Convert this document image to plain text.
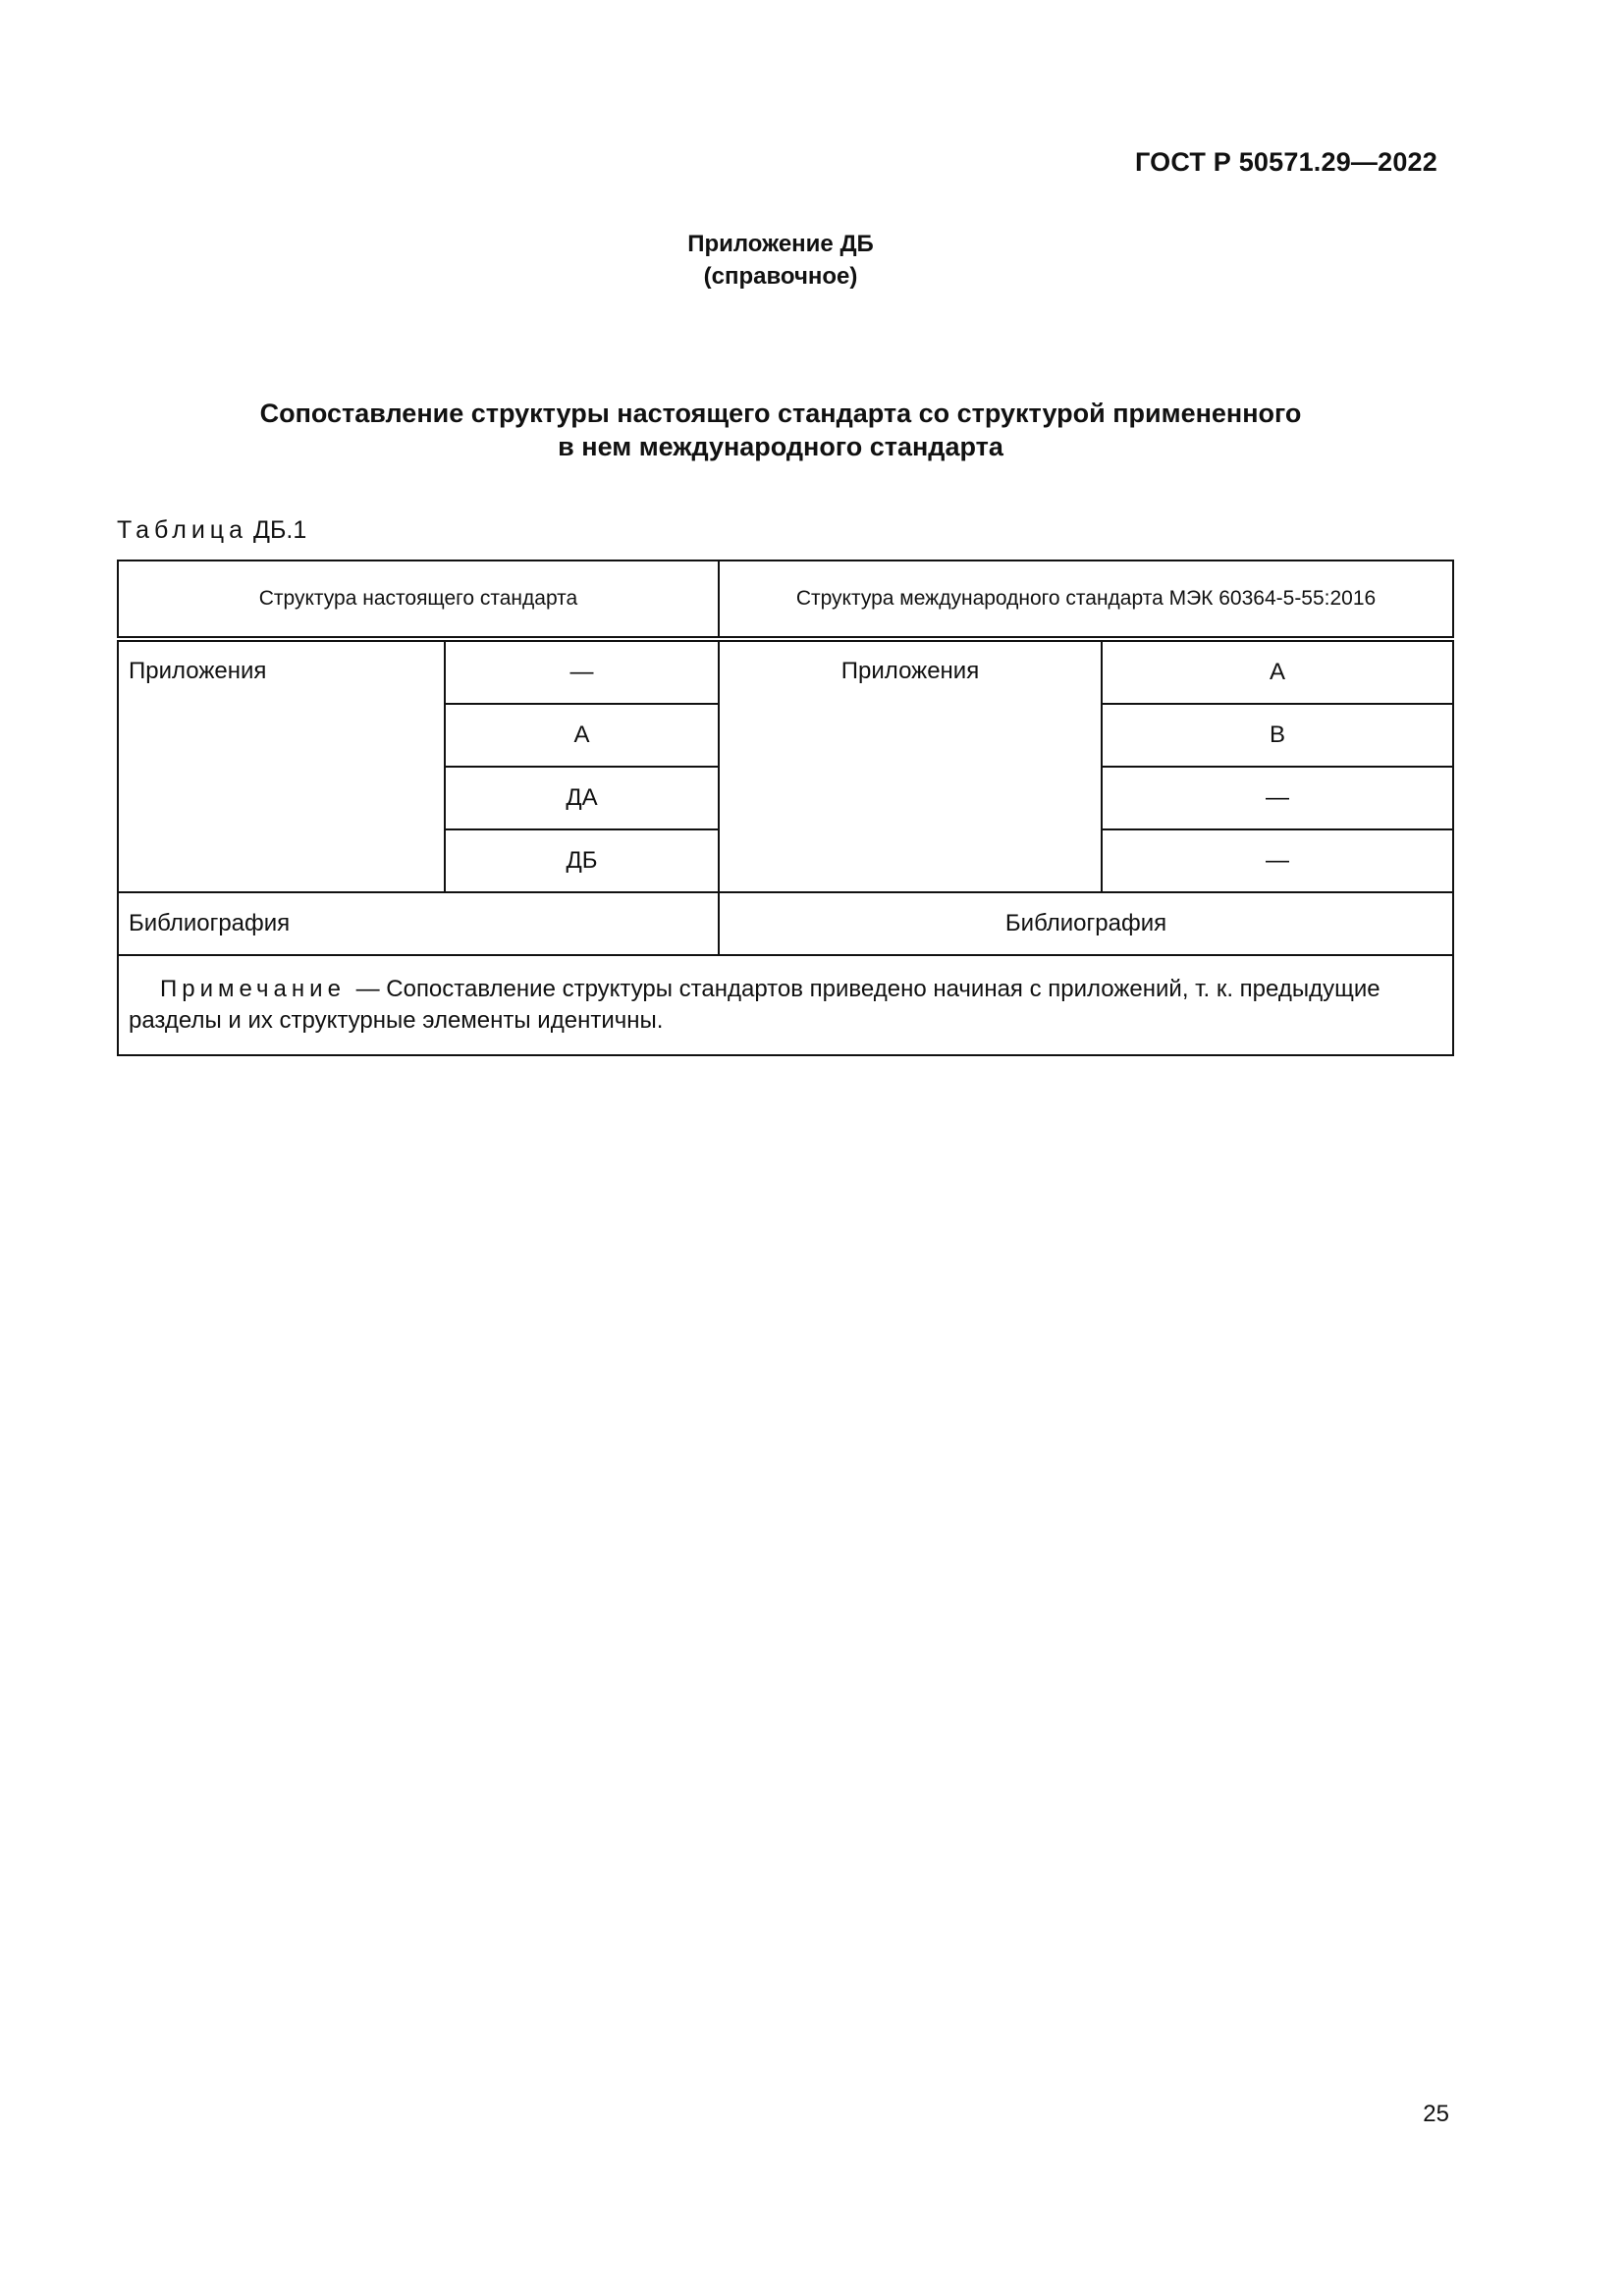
ГОСТ Р 50571.29—2022
Приложение ДБ
(справочное)
Сопоставление структуры настоящего стандарта со структурой примененного
в нем международного стандарта
Таблица ДБ.1
Структура настоящего стандарта		Структура международного стандарта МЭК 60364-5-55:2016	
Приложения	—	Приложения	A
	A		B
	ДА		—
	ДБ		—
Библиография		Библиография	
Примечание — Сопоставление структуры стандартов приведено начиная с приложений, т. к. предыдущие разделы и их структурные элементы идентичны.			
25
